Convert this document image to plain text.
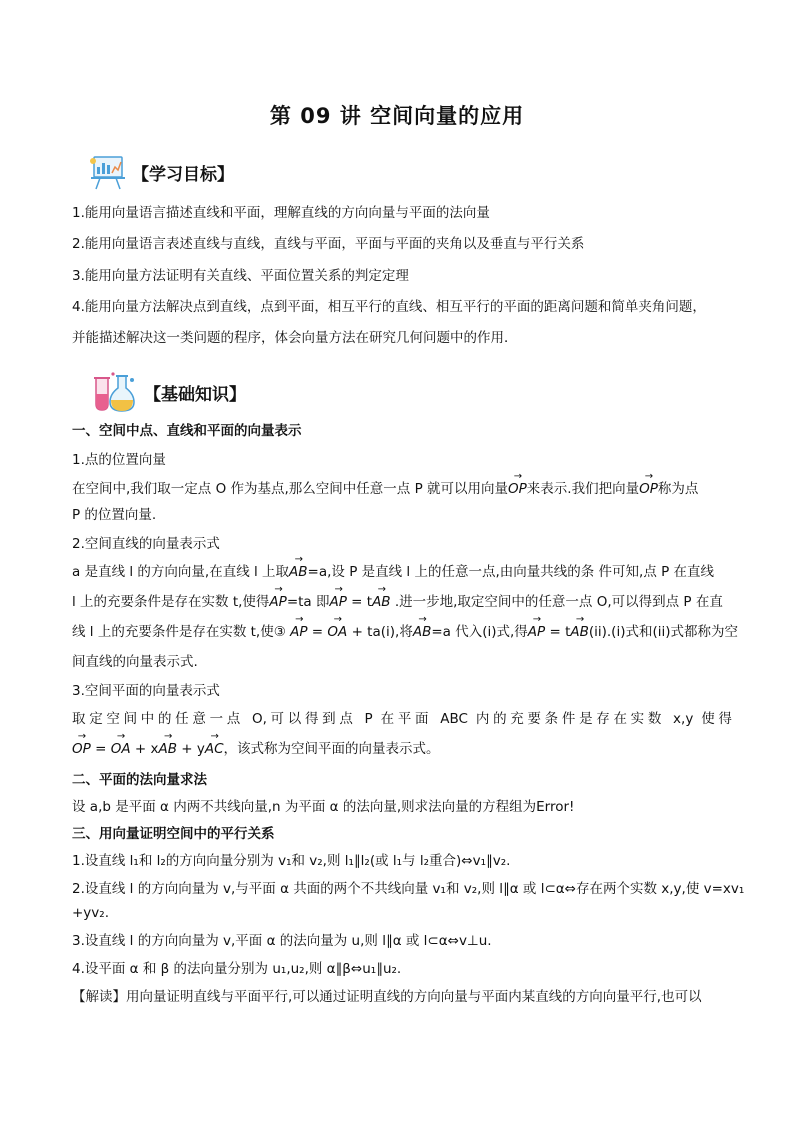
第 09 讲 空间向量的应用
【学习目标】
1.能用向量语言描述直线和平面，理解直线的方向向量与平面的法向量
2.能用向量语言表述直线与直线，直线与平面，平面与平面的夹角以及垂直与平行关系
3.能用向量方法证明有关直线、平面位置关系的判定定理
4.能用向量方法解决点到直线，点到平面，相互平行的直线、相互平行的平面的距离问题和简单夹角问题，
并能描述解决这一类问题的程序，体会向量方法在研究几何问题中的作用．
【基础知识】
一、空间中点、直线和平面的向量表示
1.点的位置向量
在空间中,我们取一定点 O 作为基点,那么空间中任意一点 P 就可以用向量→ OP来表示.我们把向量→ OP称为点
P 的位置向量.
2.空间直线的向量表示式
a 是直线 l 的方向向量,在直线 l 上取→ AB=a,设 P 是直线 l 上的任意一点,由向量共线的条 件可知,点 P 在直线
l 上的充要条件是存在实数 t,使得→ AP=ta 即→ AP = t→ AB .进一步地,取定空间中的任意一点 O,可以得到点 P 在直
线 l 上的充要条件是存在实数 t,使③ → AP = → OA + ta(i),将→ AB=a 代入(i)式,得→ AP = t→ AB(ii).(i)式和(ii)式都称为空
间直线的向量表示式.
3.空间平面的向量表示式
取定空间中的任意一点 O,可以得到点 P 在平面 ABC 内的充要条件是存在实数 x,y 使得
→ OP = → OA + x→ AB + y→ AC，该式称为空间平面的向量表示式。
二、平面的法向量求法
设 a,b 是平面 α 内两不共线向量,n 为平面 α 的法向量,则求法向量的方程组为Error!
三、用向量证明空间中的平行关系
1.设直线 l₁和 l₂的方向向量分别为 v₁和 v₂,则 l₁∥l₂(或 l₁与 l₂重合)⇔v₁∥v₂.
2.设直线 l 的方向向量为 v,与平面 α 共面的两个不共线向量 v₁和 v₂,则 l∥α 或 l⊂α⇔存在两个实数 x,y,使 v=xv₁
+yv₂.
3.设直线 l 的方向向量为 v,平面 α 的法向量为 u,则 l∥α 或 l⊂α⇔v⊥u.
4.设平面 α 和 β 的法向量分别为 u₁,u₂,则 α∥β⇔u₁∥u₂.
【解读】用向量证明直线与平面平行,可以通过证明直线的方向向量与平面内某直线的方向向量平行,也可以
